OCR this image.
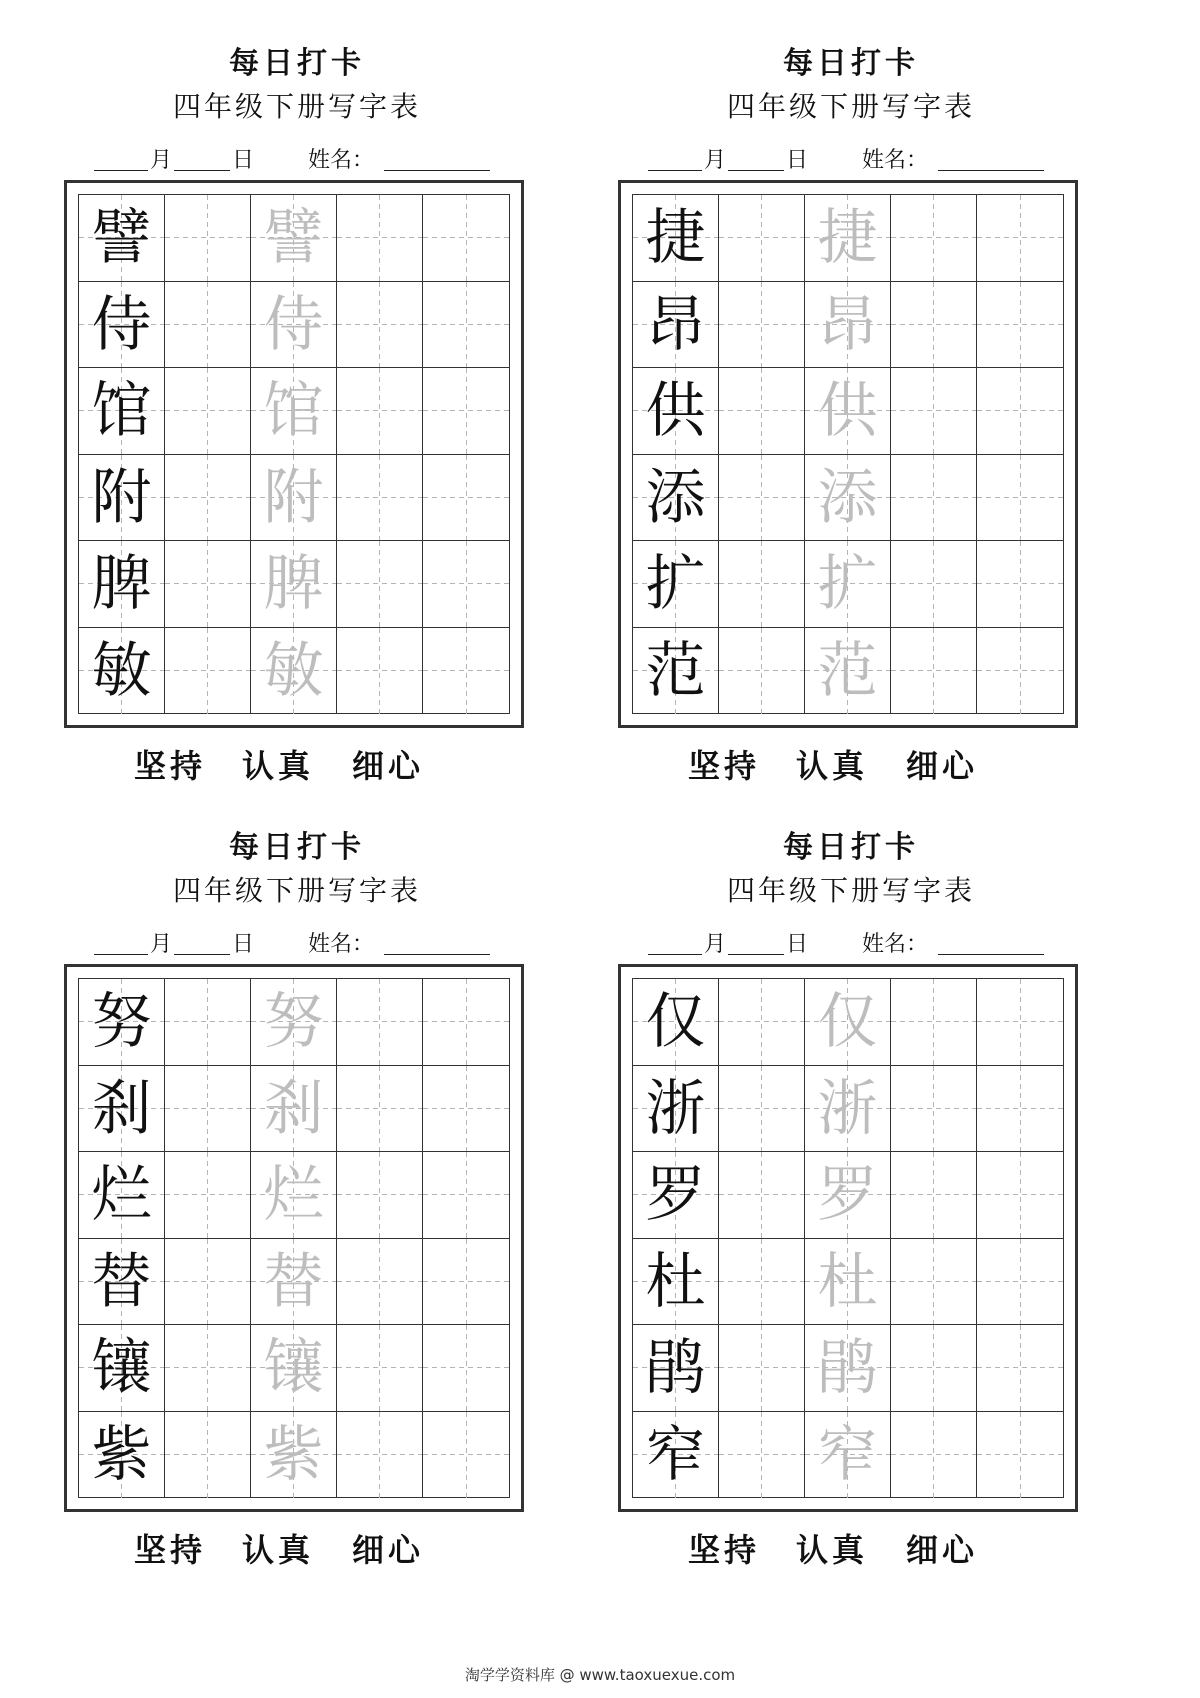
每日打卡
四年级下册写字表
月	日 姓名：
譬 譬
侍 侍
馆 馆
附 附
脾 脾
敏 敏
坚持 认真 细心
每日打卡
四年级下册写字表
月	日 姓名：
捷 捷
昂 昂
供 供
添 添
扩 扩
范 范
坚持 认真 细心
每日打卡
四年级下册写字表
月	日 姓名：
努 努
刹 刹
烂 烂
替 替
镶 镶
紫 紫
坚持 认真 细心
每日打卡
四年级下册写字表
月	日 姓名：
仅 仅
浙 浙
罗 罗
杜 杜
鹃 鹃
窄 窄
坚持 认真 细心
淘学学资料库 @ www.taoxuexue.com
